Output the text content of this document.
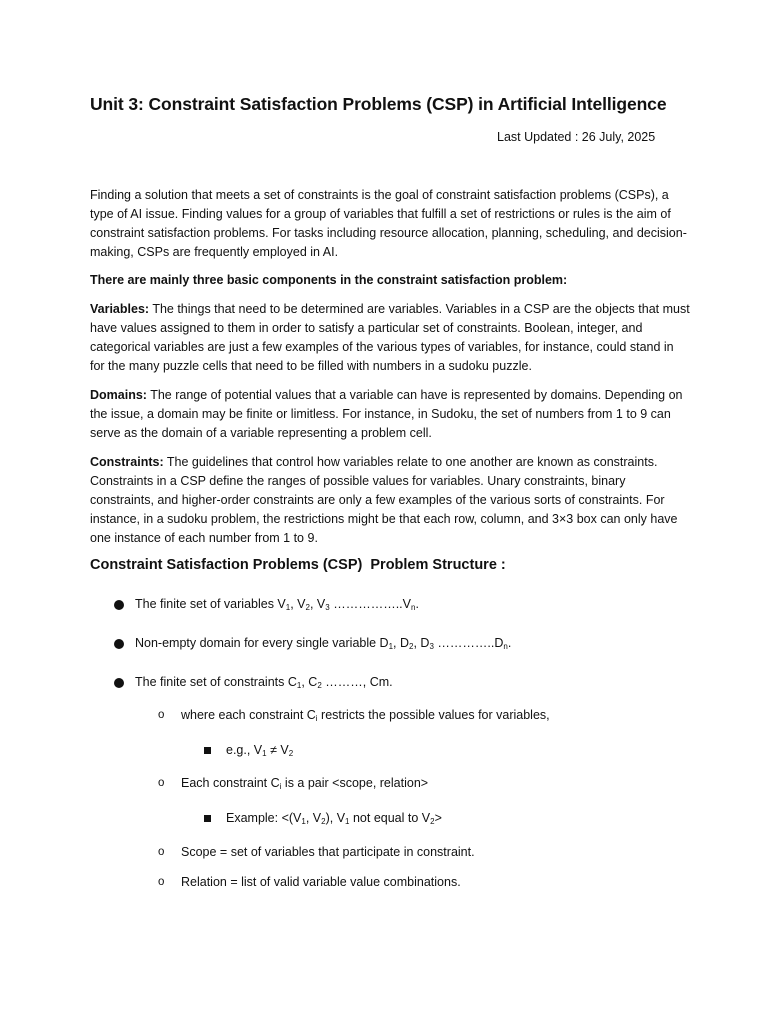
Unit 3: Constraint Satisfaction Problems (CSP) in Artificial Intelligence
Last Updated : 26 July, 2025

Finding a solution that meets a set of constraints is the goal of constraint satisfaction problems (CSPs), a type of AI issue. Finding values for a group of variables that fulfill a set of restrictions or rules is the aim of constraint satisfaction problems. For tasks including resource allocation, planning, scheduling, and decision-making, CSPs are frequently employed in AI.

There are mainly three basic components in the constraint satisfaction problem:

Variables: The things that need to be determined are variables. Variables in a CSP are the objects that must have values assigned to them in order to satisfy a particular set of constraints. Boolean, integer, and categorical variables are just a few examples of the various types of variables, for instance, could stand in for the many puzzle cells that need to be filled with numbers in a sudoku puzzle.

Domains: The range of potential values that a variable can have is represented by domains. Depending on the issue, a domain may be finite or limitless. For instance, in Sudoku, the set of numbers from 1 to 9 can serve as the domain of a variable representing a problem cell.

Constraints: The guidelines that control how variables relate to one another are known as constraints. Constraints in a CSP define the ranges of possible values for variables. Unary constraints, binary constraints, and higher-order constraints are only a few examples of the various sorts of constraints. For instance, in a sudoku problem, the restrictions might be that each row, column, and 3×3 box can only have one instance of each number from 1 to 9.

Constraint Satisfaction Problems (CSP)  Problem Structure :
The finite set of variables $V_1$, $V_2$, $V_3$ $\dots\dots\dots\dots\dots..V_n$.
Non-empty domain for every single variable $D_1$, $D_2$, $D_3$ $\dots\dots\dots\dots..D_n$.
The finite set of constraints $C_1$, $C_2$ ………, Cm.
o where each constraint $C_i$ restricts the possible values for variables,
e.g., $V_1 \ne V_2$
o Each constraint $C_i$ is a pair <scope, relation>
Example: $<(V_1$, $V_2$), $V_1$ not equal to $V_2>$
o Scope = set of variables that participate in constraint.
o Relation = list of valid variable value combinations.
